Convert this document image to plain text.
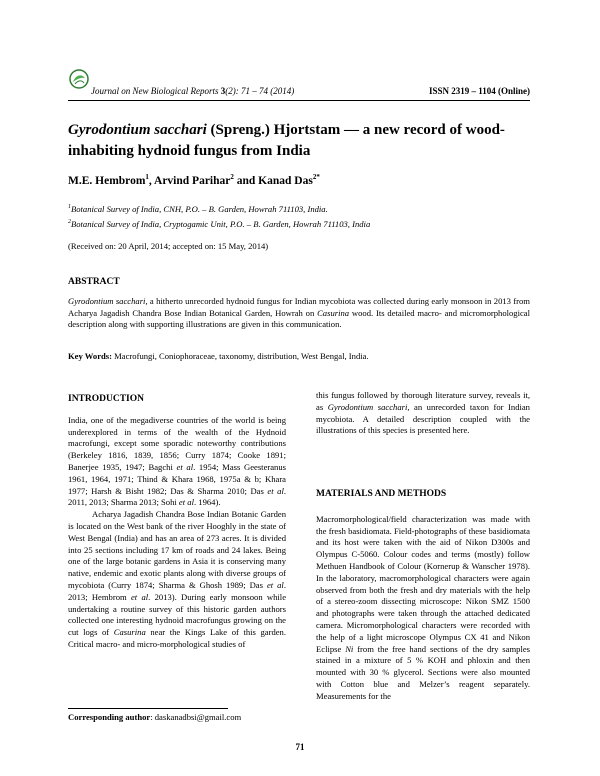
Journal on New Biological Reports 3(2): 71 – 74 (2014)	ISSN 2319 – 1104 (Online)
Gyrodontium sacchari (Spreng.) Hjortstam — a new record of wood-inhabiting hydnoid fungus from India
M.E. Hembrom$^1$, Arvind Parihar$^2$ and Kanad Das$^{2*}$
$^1$Botanical Survey of India, CNH, P.O. – B. Garden, Howrah 711103, India.
$^2$Botanical Survey of India, Cryptogamic Unit, P.O. – B. Garden, Howrah 711103, India
(Received on: 20 April, 2014; accepted on: 15 May, 2014)
ABSTRACT
Gyrodontium sacchari, a hitherto unrecorded hydnoid fungus for Indian mycobiota was collected during early monsoon in 2013 from Acharya Jagadish Chandra Bose Indian Botanical Garden, Howrah on Casurina wood. Its detailed macro- and micromorphological description along with supporting illustrations are given in this communication.
Key Words: Macrofungi, Coniophoraceae, taxonomy, distribution, West Bengal, India.
INTRODUCTION

India, one of the megadiverse countries of the world is being underexplored in terms of the wealth of the Hydnoid macrofungi, except some sporadic noteworthy contributions (Berkeley 1816, 1839, 1856; Curry 1874; Cooke 1891; Banerjee 1935, 1947; Bagchi et al. 1954; Mass Geesteranus 1961, 1964, 1971; Thind & Khara 1968, 1975a & b; Khara 1977; Harsh & Bisht 1982; Das & Sharma 2010; Das et al. 2011, 2013; Sharma 2013; Sohi et al. 1964).

Acharya Jagadish Chandra Bose Indian Botanic Garden is located on the West bank of the river Hooghly in the state of West Bengal (India) and has an area of 273 acres. It is divided into 25 sections including 17 km of roads and 24 lakes. Being one of the large botanic gardens in Asia it is conserving many native, endemic and exotic plants along with diverse groups of mycobiota (Curry 1874; Sharma & Ghosh 1989; Das et al. 2013; Hembrom et al. 2013). During early monsoon while undertaking a routine survey of this historic garden authors collected one interesting hydnoid macrofungus growing on the cut logs of Casurina near the Kings Lake of this garden. Critical macro- and micro-morphological studies of

this fungus followed by thorough literature survey, reveals it, as Gyrodontium sacchari, an unrecorded taxon for Indian mycobiota. A detailed description coupled with the illustrations of this species is presented here.
MATERIALS AND METHODS

Macromorphological/field characterization was made with the fresh basidiomata. Field-photographs of these basidiomata and its host were taken with the aid of Nikon D300s and Olympus C-5060. Colour codes and terms (mostly) follow Methuen Handbook of Colour (Kornerup & Wanscher 1978). In the laboratory, macromorphological characters were again observed from both the fresh and dry materials with the help of a stereo-zoom dissecting microscope: Nikon SMZ 1500 and photographs were taken through the attached dedicated camera. Micromorphological characters were recorded with the help of a light microscope Olympus CX 41 and Nikon Eclipse Ni from the free hand sections of the dry samples stained in a mixture of 5 % KOH and phloxin and then mounted with 30 % glycerol. Sections were also mounted with Cotton blue and Melzer’s reagent separately. Measurements for the

Corresponding author: daskanadbsi@gmail.com
71
